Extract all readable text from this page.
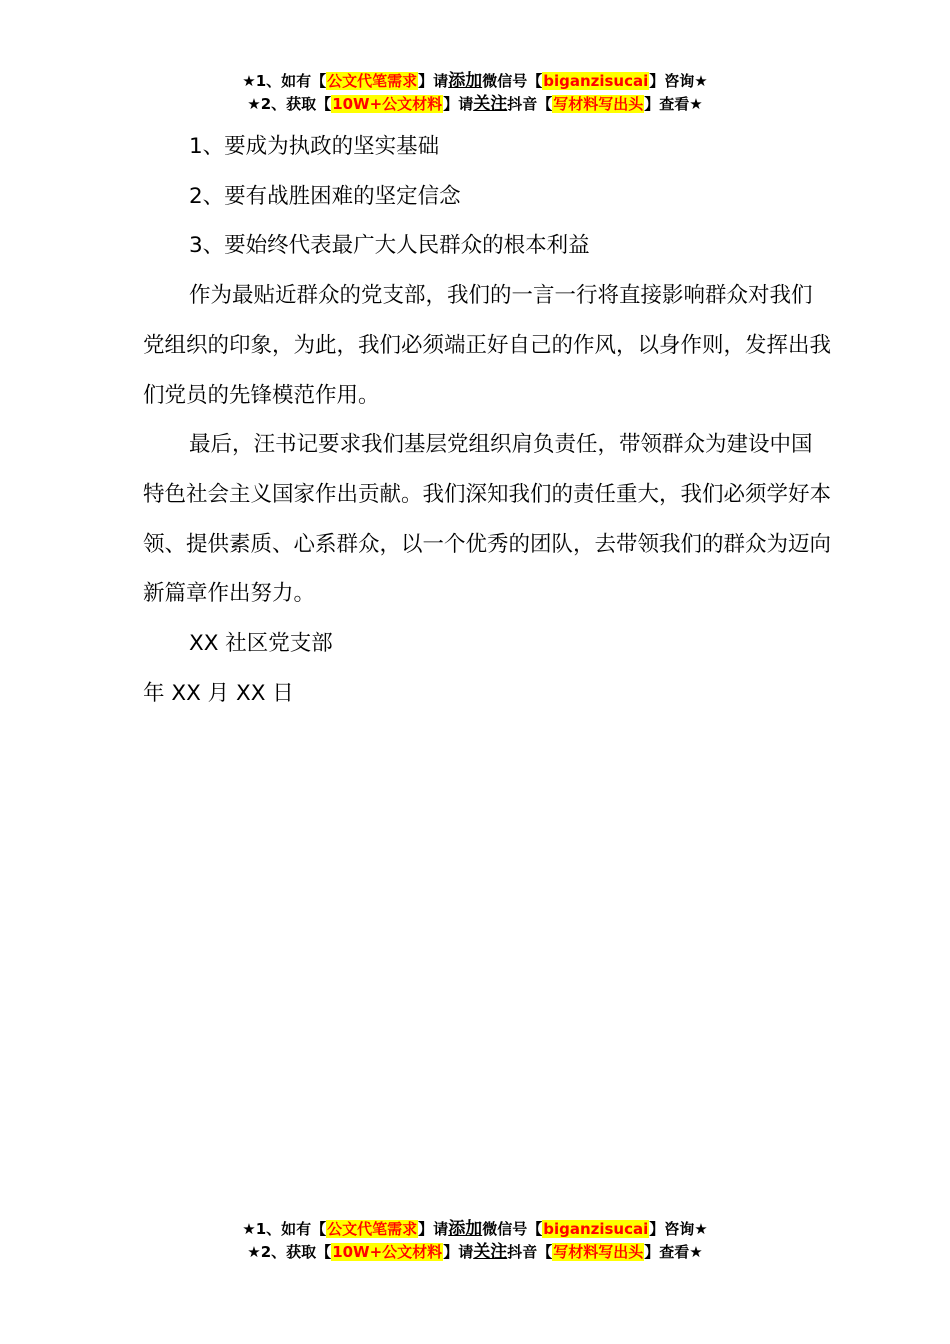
★1、如有【公文代笔需求】请添加微信号【biganzisucai】咨询★
★2、获取【10W+公文材料】请关注抖音【写材料写出头】查看★

1、要成为执政的坚实基础

2、要有战胜困难的坚定信念

3、要始终代表最广大人民群众的根本利益

作为最贴近群众的党支部，我们的一言一行将直接影响群众对我们党组织的印象，为此，我们必须端正好自己的作风，以身作则，发挥出我们党员的先锋模范作用。

最后，汪书记要求我们基层党组织肩负责任，带领群众为建设中国特色社会主义国家作出贡献。我们深知我们的责任重大，我们必须学好本领、提供素质、心系群众，以一个优秀的团队，去带领我们的群众为迈向新篇章作出努力。

XX 社区党支部

年 XX 月 XX 日

★1、如有【公文代笔需求】请添加微信号【biganzisucai】咨询★
★2、获取【10W+公文材料】请关注抖音【写材料写出头】查看★
